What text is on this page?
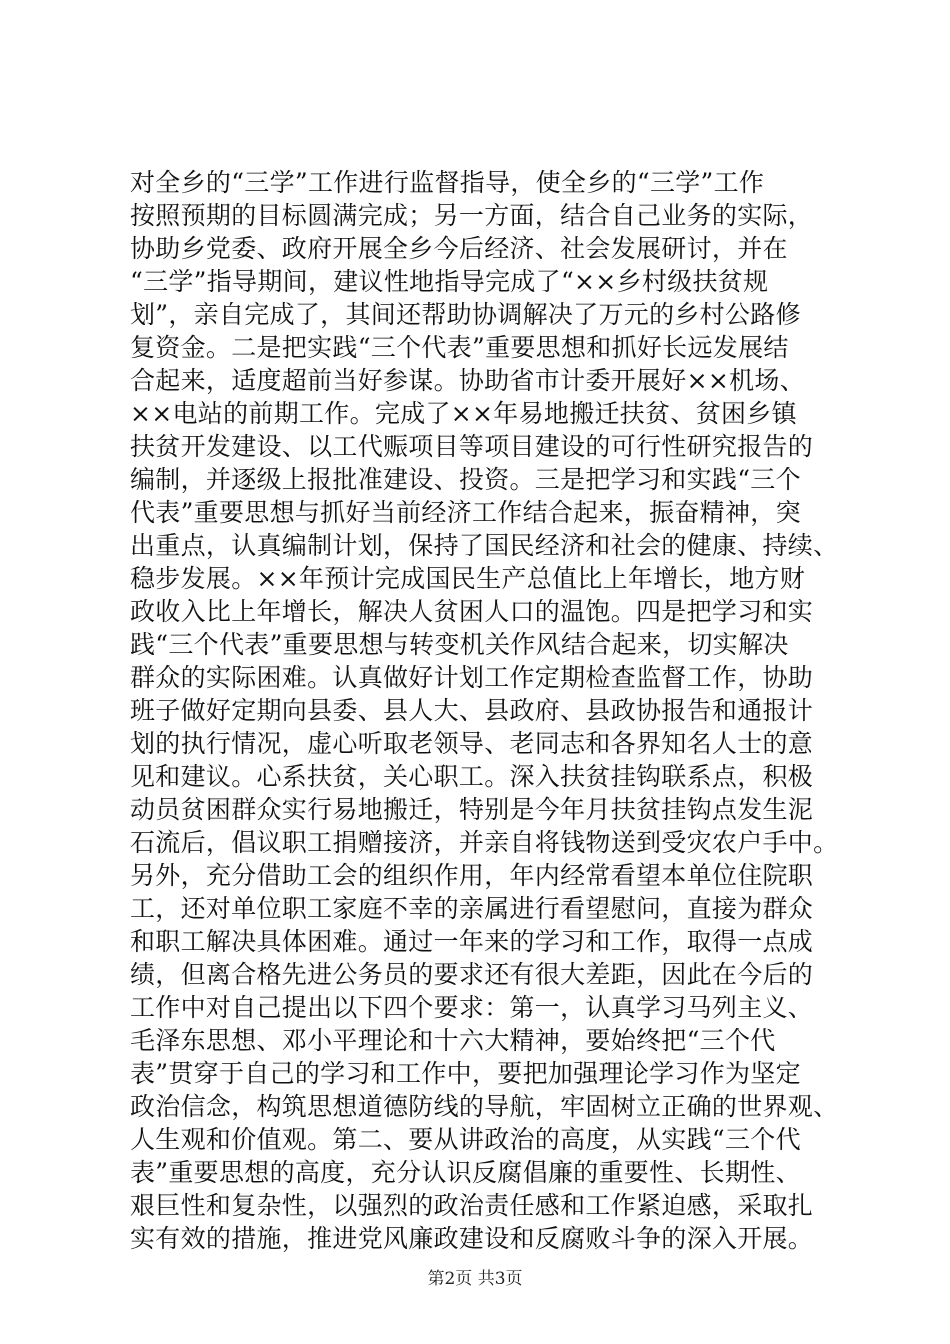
对全乡的“三学”工作进行监督指导，使全乡的“三学”工作
按照预期的目标圆满完成；另一方面，结合自己业务的实际，
协助乡党委、政府开展全乡今后经济、社会发展研讨，并在
“三学”指导期间，建议性地指导完成了“××乡村级扶贫规
划”，亲自完成了，其间还帮助协调解决了万元的乡村公路修
复资金。二是把实践“三个代表”重要思想和抓好长远发展结
合起来，适度超前当好参谋。协助省市计委开展好××机场、
××电站的前期工作。完成了××年易地搬迁扶贫、贫困乡镇
扶贫开发建设、以工代赈项目等项目建设的可行性研究报告的
编制，并逐级上报批准建设、投资。三是把学习和实践“三个
代表”重要思想与抓好当前经济工作结合起来，振奋精神，突
出重点，认真编制计划，保持了国民经济和社会的健康、持续、
稳步发展。××年预计完成国民生产总值比上年增长，地方财
政收入比上年增长，解决人贫困人口的温饱。四是把学习和实
践“三个代表”重要思想与转变机关作风结合起来，切实解决
群众的实际困难。认真做好计划工作定期检查监督工作，协助
班子做好定期向县委、县人大、县政府、县政协报告和通报计
划的执行情况，虚心听取老领导、老同志和各界知名人士的意
见和建议。心系扶贫，关心职工。深入扶贫挂钩联系点，积极
动员贫困群众实行易地搬迁，特别是今年月扶贫挂钩点发生泥
石流后，倡议职工捐赠接济，并亲自将钱物送到受灾农户手中。
另外，充分借助工会的组织作用，年内经常看望本单位住院职
工，还对单位职工家庭不幸的亲属进行看望慰问，直接为群众
和职工解决具体困难。通过一年来的学习和工作，取得一点成
绩，但离合格先进公务员的要求还有很大差距，因此在今后的
工作中对自己提出以下四个要求：第一，认真学习马列主义、
毛泽东思想、邓小平理论和十六大精神，要始终把“三个代
表”贯穿于自己的学习和工作中，要把加强理论学习作为坚定
政治信念，构筑思想道德防线的导航，牢固树立正确的世界观、
人生观和价值观。第二、要从讲政治的高度，从实践“三个代
表”重要思想的高度，充分认识反腐倡廉的重要性、长期性、
艰巨性和复杂性，以强烈的政治责任感和工作紧迫感，采取扎
实有效的措施，推进党风廉政建设和反腐败斗争的深入开展。
第2页 共3页
